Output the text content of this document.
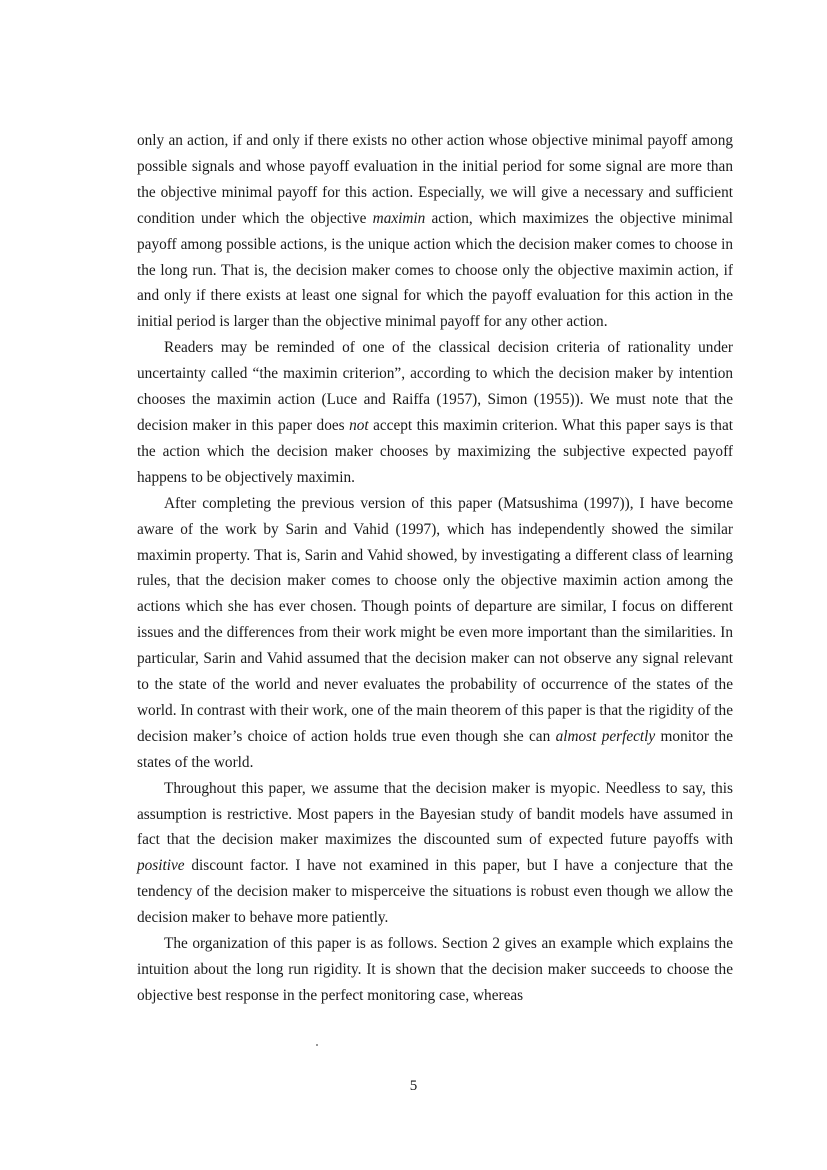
only an action, if and only if there exists no other action whose objective minimal payoff among possible signals and whose payoff evaluation in the initial period for some signal are more than the objective minimal payoff for this action. Especially, we will give a necessary and sufficient condition under which the objective maximin action, which maximizes the objective minimal payoff among possible actions, is the unique action which the decision maker comes to choose in the long run. That is, the decision maker comes to choose only the objective maximin action, if and only if there exists at least one signal for which the payoff evaluation for this action in the initial period is larger than the objective minimal payoff for any other action.

Readers may be reminded of one of the classical decision criteria of rationality under uncertainty called “the maximin criterion”, according to which the decision maker by intention chooses the maximin action (Luce and Raiffa (1957), Simon (1955)). We must note that the decision maker in this paper does not accept this maximin criterion. What this paper says is that the action which the decision maker chooses by maximizing the subjective expected payoff happens to be objectively maximin.

After completing the previous version of this paper (Matsushima (1997)), I have become aware of the work by Sarin and Vahid (1997), which has independently showed the similar maximin property. That is, Sarin and Vahid showed, by investigating a different class of learning rules, that the decision maker comes to choose only the objective maximin action among the actions which she has ever chosen. Though points of departure are similar, I focus on different issues and the differences from their work might be even more important than the similarities. In particular, Sarin and Vahid assumed that the decision maker can not observe any signal relevant to the state of the world and never evaluates the probability of occurrence of the states of the world. In contrast with their work, one of the main theorem of this paper is that the rigidity of the decision maker’s choice of action holds true even though she can almost perfectly monitor the states of the world.

Throughout this paper, we assume that the decision maker is myopic. Needless to say, this assumption is restrictive. Most papers in the Bayesian study of bandit models have assumed in fact that the decision maker maximizes the discounted sum of expected future payoffs with positive discount factor. I have not examined in this paper, but I have a conjecture that the tendency of the decision maker to misperceive the situations is robust even though we allow the decision maker to behave more patiently.

The organization of this paper is as follows. Section 2 gives an example which explains the intuition about the long run rigidity. It is shown that the decision maker succeeds to choose the objective best response in the perfect monitoring case, whereas

5
